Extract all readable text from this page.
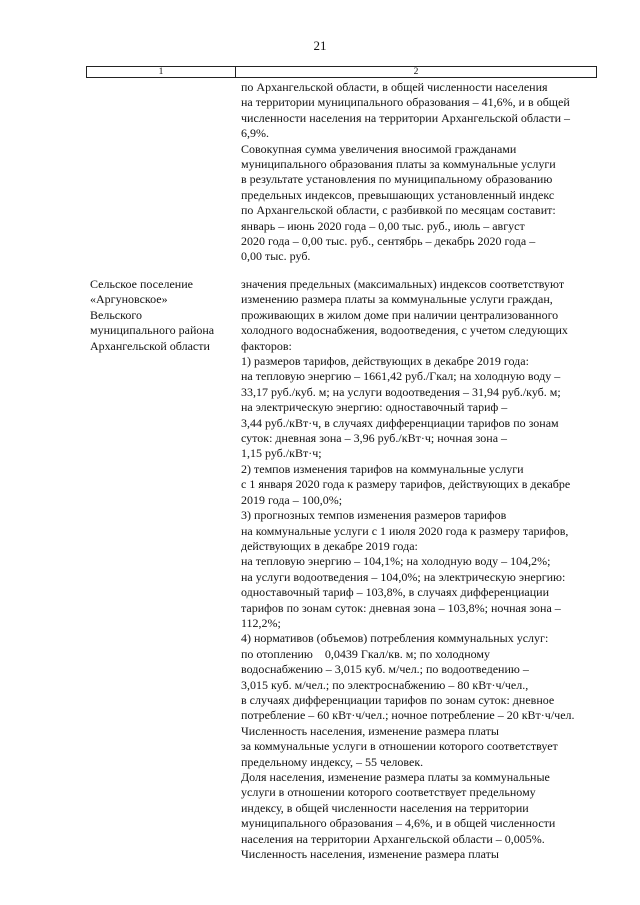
21
1	2
по Архангельской области, в общей численности населения
на территории муниципального образования – 41,6%, и в общей
численности населения на территории Архангельской области –
6,9%.
Совокупная сумма увеличения вносимой гражданами
муниципального образования платы за коммунальные услуги
в результате установления по муниципальному образованию
предельных индексов, превышающих установленный индекс
по Архангельской области, с разбивкой по месяцам составит:
январь – июнь 2020 года – 0,00 тыс. руб., июль – август
2020 года – 0,00 тыс. руб., сентябрь – декабрь 2020 года –
0,00 тыс. руб.
Сельское поселение
«Аргуновское»
Вельского
муниципального района
Архангельской области
значения предельных (максимальных) индексов соответствуют
изменению размера платы за коммунальные услуги граждан,
проживающих в жилом доме при наличии централизованного
холодного водоснабжения, водоотведения, с учетом следующих
факторов:
1) размеров тарифов, действующих в декабре 2019 года:
на тепловую энергию – 1661,42 руб./Гкал; на холодную воду –
33,17 руб./куб. м; на услуги водоотведения – 31,94 руб./куб. м;
на электрическую энергию: одноставочный тариф –
3,44 руб./кВт·ч, в случаях дифференциации тарифов по зонам
суток: дневная зона – 3,96 руб./кВт·ч; ночная зона –
1,15 руб./кВт·ч;
2) темпов изменения тарифов на коммунальные услуги
с 1 января 2020 года к размеру тарифов, действующих в декабре
2019 года – 100,0%;
3) прогнозных темпов изменения размеров тарифов
на коммунальные услуги с 1 июля 2020 года к размеру тарифов,
действующих в декабре 2019 года:
на тепловую энергию – 104,1%; на холодную воду – 104,2%;
на услуги водоотведения – 104,0%; на электрическую энергию:
одноставочный тариф – 103,8%, в случаях дифференциации
тарифов по зонам суток: дневная зона – 103,8%; ночная зона –
112,2%;
4) нормативов (объемов) потребления коммунальных услуг:
по отоплению    0,0439 Гкал/кв. м; по холодному
водоснабжению – 3,015 куб. м/чел.; по водоотведению –
3,015 куб. м/чел.; по электроснабжению – 80 кВт·ч/чел.,
в случаях дифференциации тарифов по зонам суток: дневное
потребление – 60 кВт·ч/чел.; ночное потребление – 20 кВт·ч/чел.
Численность населения, изменение размера платы
за коммунальные услуги в отношении которого соответствует
предельному индексу, – 55 человек.
Доля населения, изменение размера платы за коммунальные
услуги в отношении которого соответствует предельному
индексу, в общей численности населения на территории
муниципального образования – 4,6%, и в общей численности
населения на территории Архангельской области – 0,005%.
Численность населения, изменение размера платы
